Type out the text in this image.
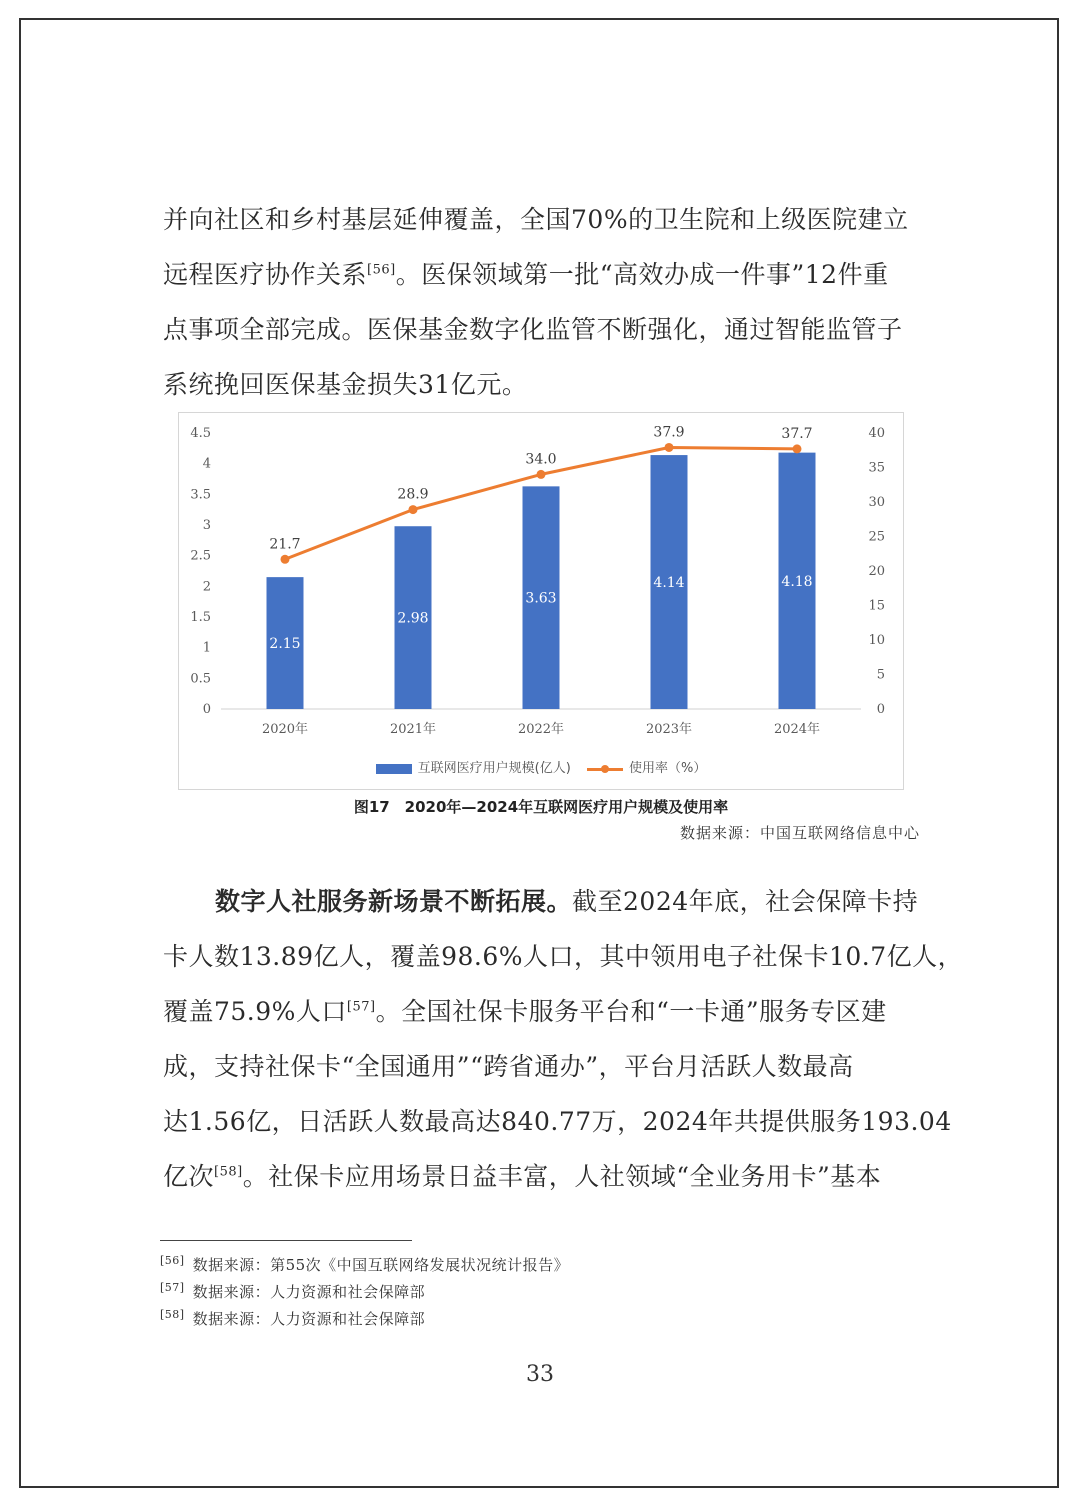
并向社区和乡村基层延伸覆盖，全国70%的卫生院和上级医院建立

远程医疗协作关系[56]。医保领域第一批“高效办成一件事”12件重

点事项全部完成。医保基金数字化监管不断强化，通过智能监管子

系统挽回医保基金损失31亿元。

0
0.5
1
1.5
2
2.5
3
3.5
4
4.5
0
5
10
15
20
25
30
35
40
2.15
2020年
2.98
2021年
3.63
2022年
4.14
2023年
4.18
2024年
21.7
28.9
34.0
37.9	37.7
互联网医疗用户规模(亿人)	使用率（%）
图17　2020年—2024年互联网医疗用户规模及使用率
数据来源：中国互联网络信息中心

数字人社服务新场景不断拓展。截至2024年底，社会保障卡持

卡人数13.89亿人，覆盖98.6%人口，其中领用电子社保卡10.7亿人，

覆盖75.9%人口[57]。全国社保卡服务平台和“一卡通”服务专区建

成，支持社保卡“全国通用”“跨省通办”，平台月活跃人数最高

达1.56亿，日活跃人数最高达840.77万，2024年共提供服务193.04

亿次[58]。社保卡应用场景日益丰富，人社领域“全业务用卡”基本

[56] 数据来源：第55次《中国互联网络发展状况统计报告》
[57] 数据来源：人力资源和社会保障部
[58] 数据来源：人力资源和社会保障部
33
